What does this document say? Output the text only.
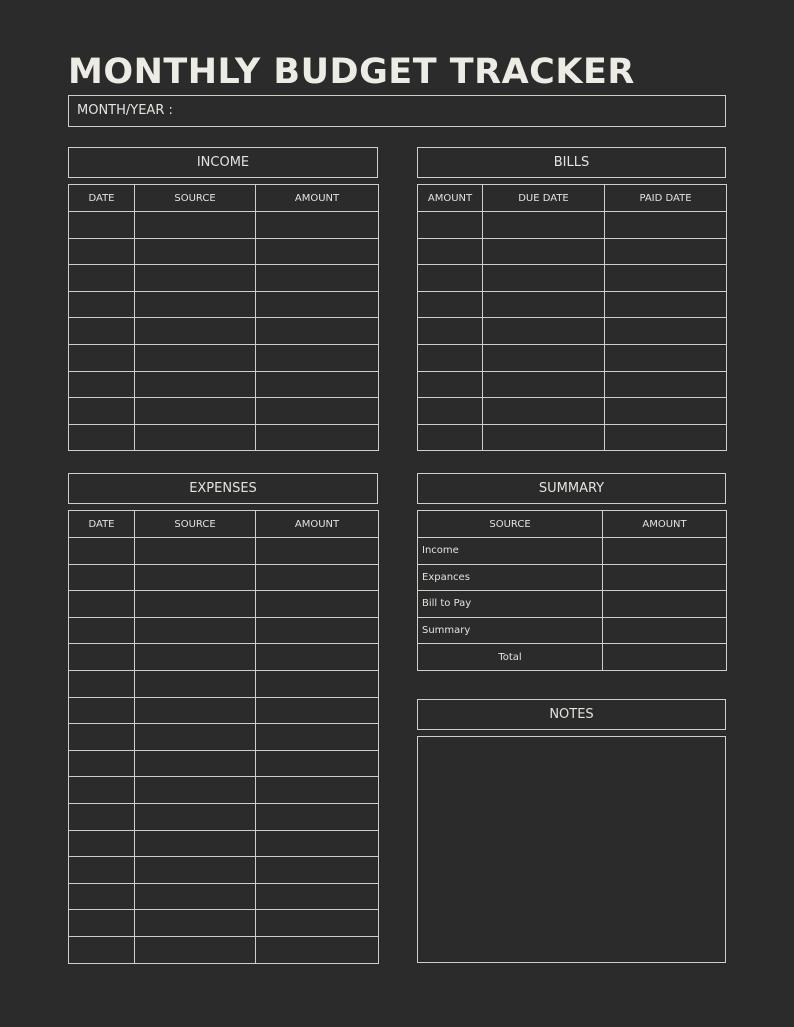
MONTHLY BUDGET TRACKER
MONTH/YEAR :
INCOME
DATE	SOURCE	AMOUNT

BILLS
AMOUNT	DUE DATE	PAID DATE

EXPENSES
DATE	SOURCE	AMOUNT

SUMMARY
SOURCE	AMOUNT
Income	
Expances	
Bill to Pay	
Summary	
Total	
NOTES
